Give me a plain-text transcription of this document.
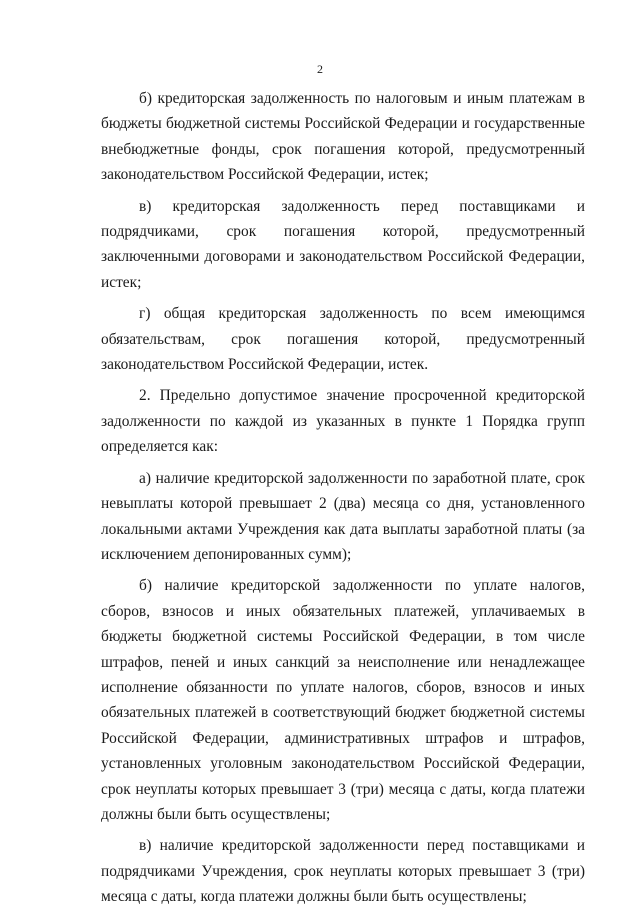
2

б) кредиторская задолженность по налоговым и иным платежам в бюджеты бюджетной системы Российской Федерации и государственные внебюджетные фонды, срок погашения которой, предусмотренный законодательством Российской Федерации, истек;

в) кредиторская задолженность перед поставщиками и подрядчиками, срок погашения которой, предусмотренный заключенными договорами и законодательством Российской Федерации, истек;

г) общая кредиторская задолженность по всем имеющимся обязательствам, срок погашения которой, предусмотренный законодательством Российской Федерации, истек.

2. Предельно допустимое значение просроченной кредиторской задолженности по каждой из указанных в пункте 1 Порядка групп определяется как:

а) наличие кредиторской задолженности по заработной плате, срок невыплаты которой превышает 2 (два) месяца со дня, установленного локальными актами Учреждения как дата выплаты заработной платы (за исключением депонированных сумм);

б) наличие кредиторской задолженности по уплате налогов, сборов, взносов и иных обязательных платежей, уплачиваемых в бюджеты бюджетной системы Российской Федерации, в том числе штрафов, пеней и иных санкций за неисполнение или ненадлежащее исполнение обязанности по уплате налогов, сборов, взносов и иных обязательных платежей в соответствующий бюджет бюджетной системы Российской Федерации, административных штрафов и штрафов, установленных уголовным законодательством Российской Федерации, срок неуплаты которых превышает 3 (три) месяца с даты, когда платежи должны были быть осуществлены;

в) наличие кредиторской задолженности перед поставщиками и подрядчиками Учреждения, срок неуплаты которых превышает 3 (три) месяца с даты, когда платежи должны были быть осуществлены;
